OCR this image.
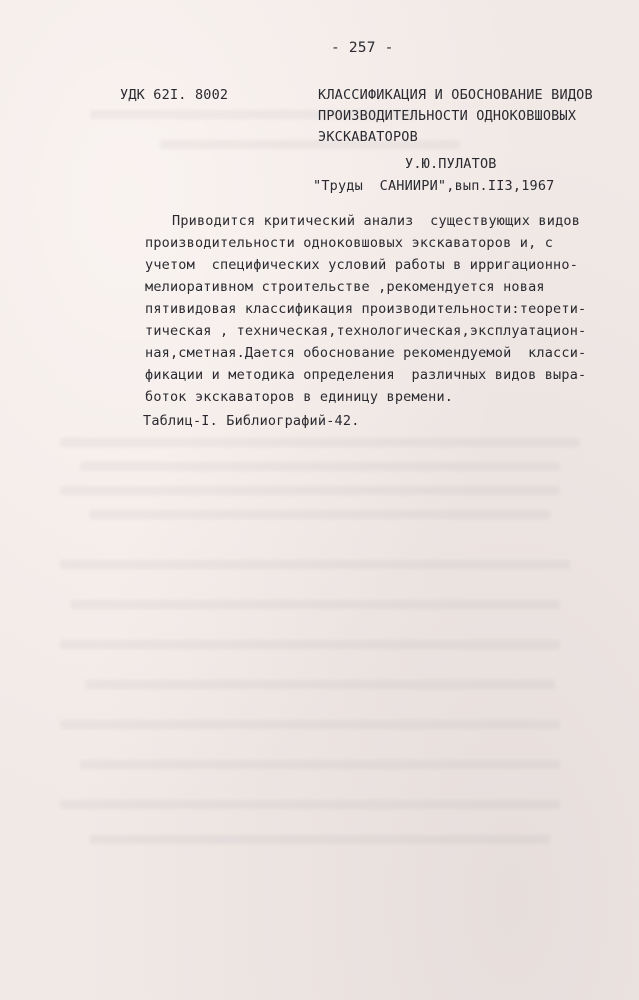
- 257 -
УДК 62I. 8002	КЛАССИФИКАЦИЯ И ОБОСНОВАНИЕ ВИДОВ
ПРОИЗВОДИТЕЛЬНОСТИ ОДНОКОВШОВЫХ
ЭКСКАВАТОРОВ
У.Ю.ПУЛАТОВ
"Труды  САНИИРИ",вып.II3,1967
Приводится критический анализ  существующих видов
производительности одноковшовых экскаваторов и, с
учетом  специфических условий работы в ирригационно-
мелиоративном строительстве ,рекомендуется новая
пятивидовая классификация производительности:теорети-
тическая , техническая,технологическая,эксплуатацион-
ная,сметная.Дается обоснование рекомендуемой  класси-
фикации и методика определения  различных видов выра-
боток экскаваторов в единицу времени.
Таблиц-I. Библиографий-42.
